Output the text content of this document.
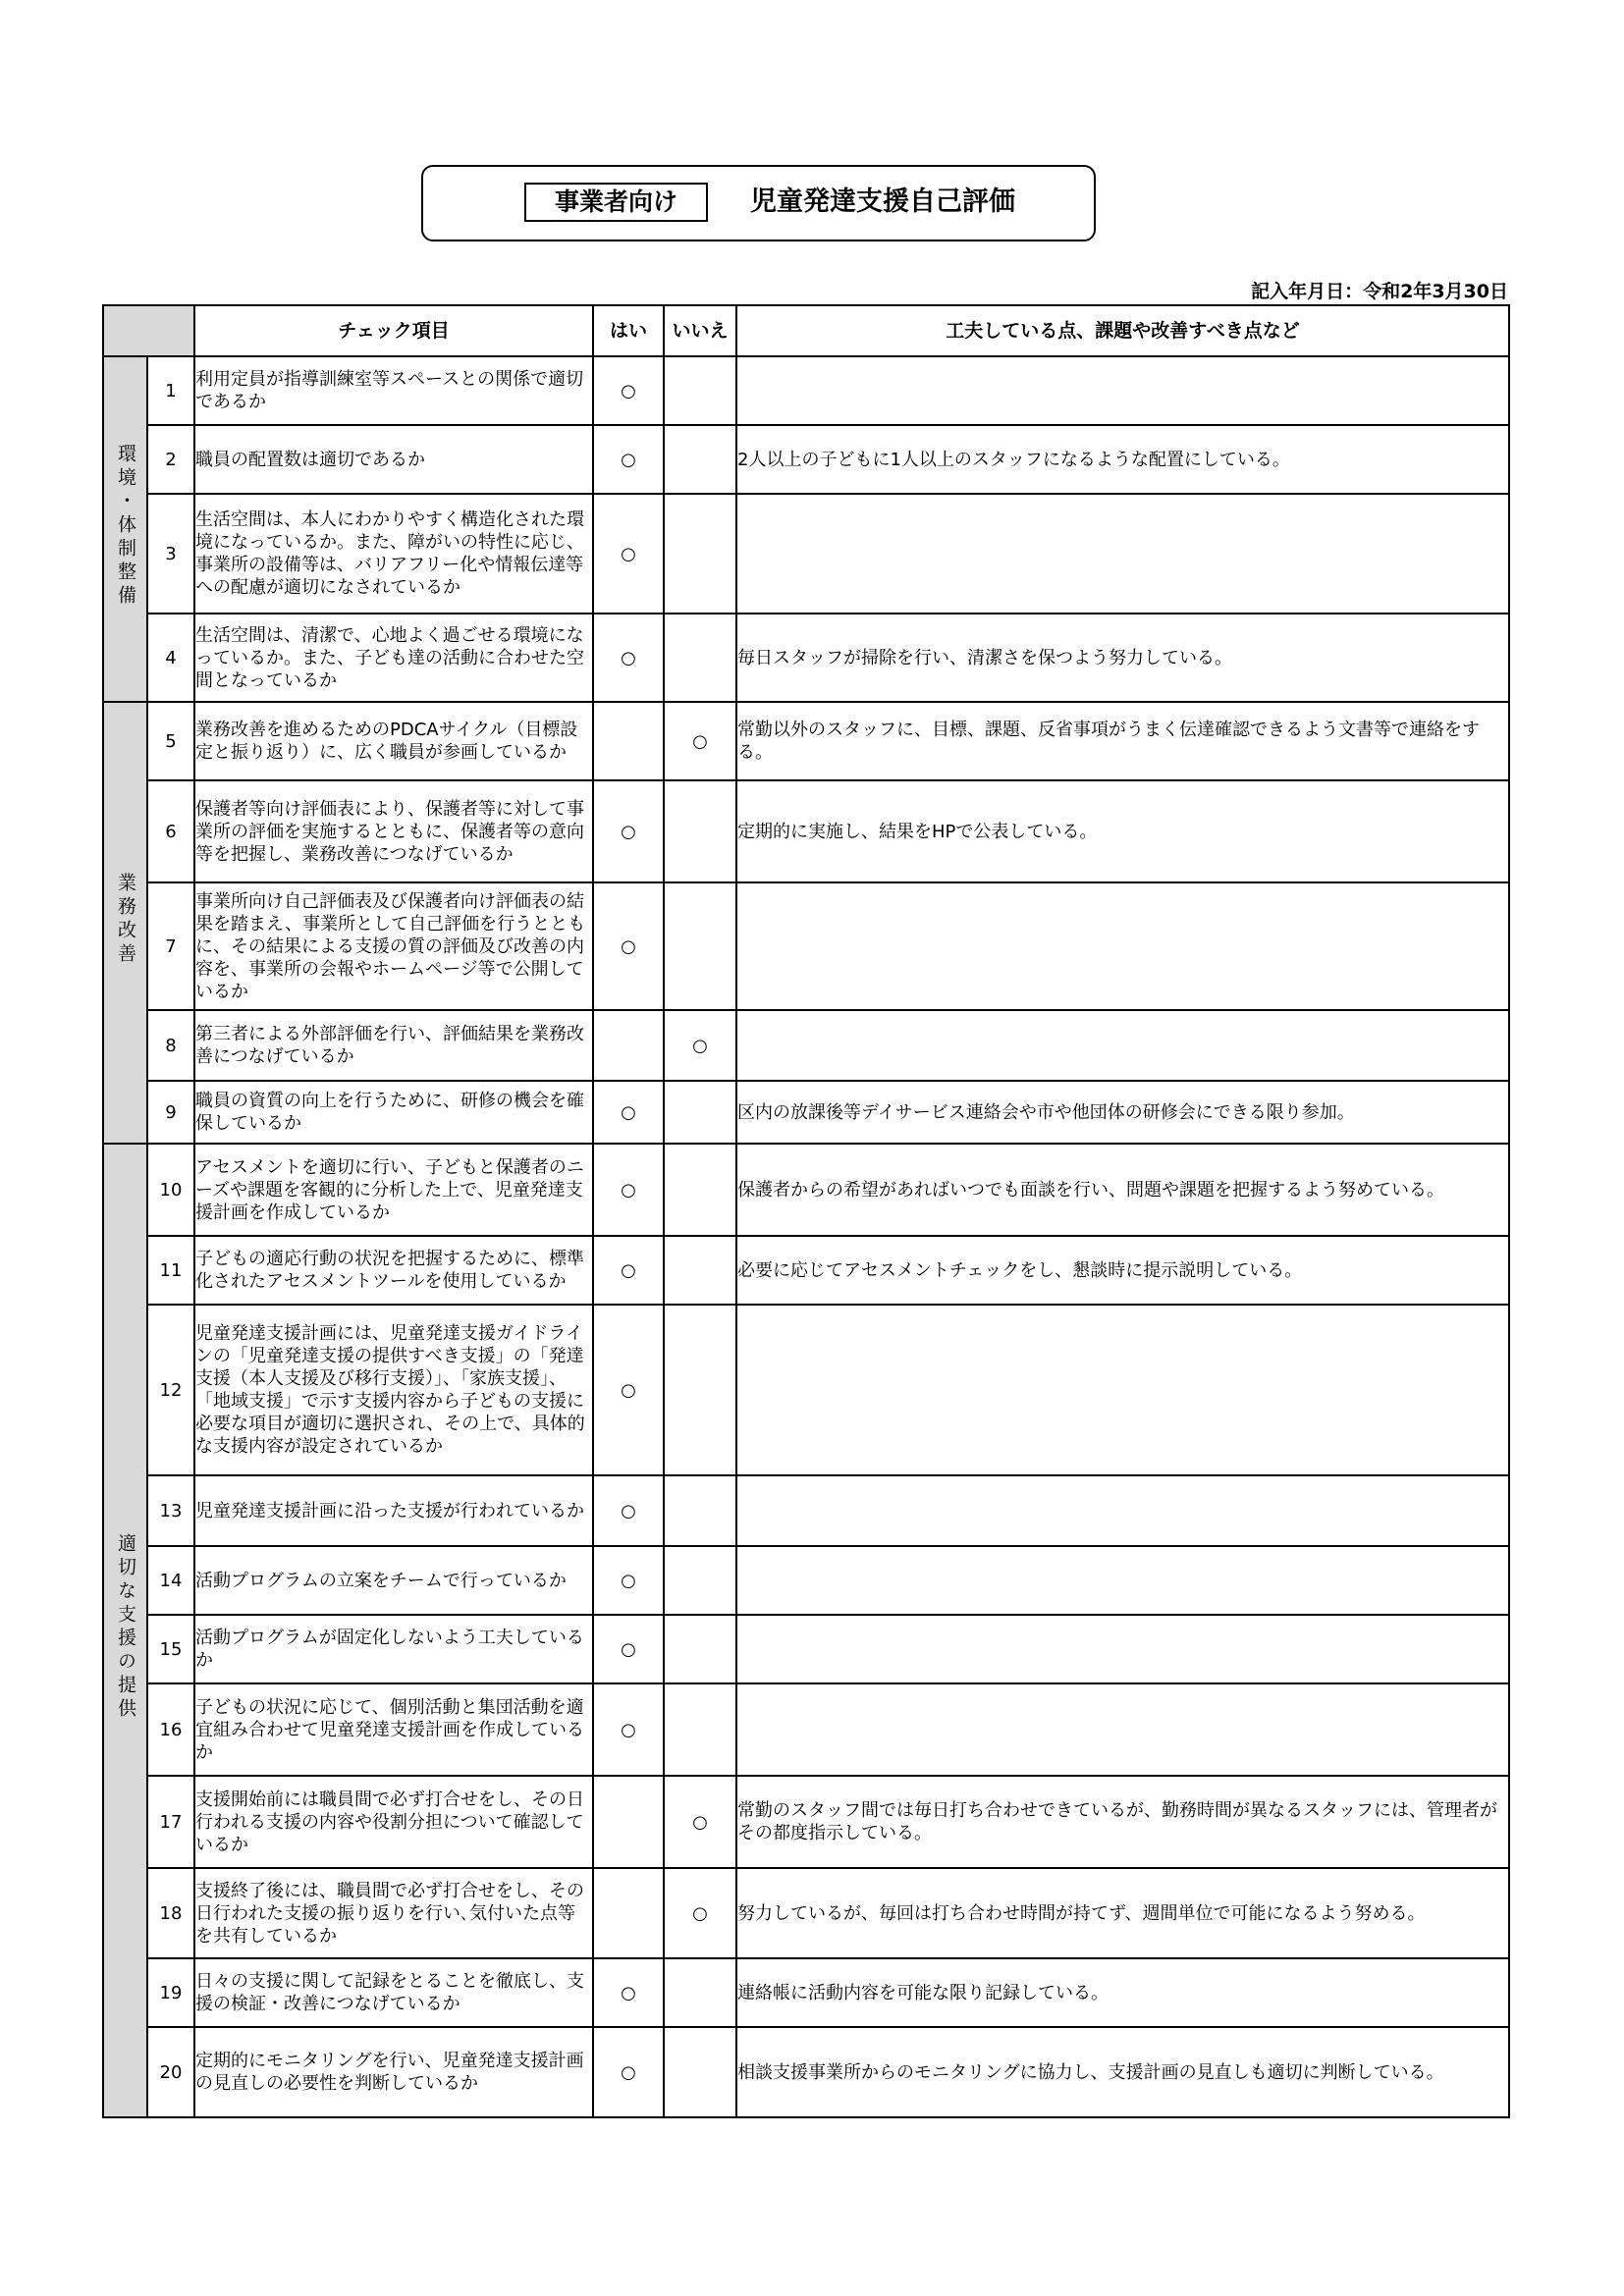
事業者向け	児童発達支援自己評価
記入年月日：令和2年3月30日
		チェック項目	はい	いいえ	工夫している点、課題や改善すべき点など
環境・体制整備	1	利用定員が指導訓練室等スペースとの関係で適切であるか	○		
	2	職員の配置数は適切であるか	○		2人以上の子どもに1人以上のスタッフになるような配置にしている。
	3	生活空間は、本人にわかりやすく構造化された環境になっているか。また、障がいの特性に応じ、事業所の設備等は、バリアフリー化や情報伝達等への配慮が適切になされているか	○		
	4	生活空間は、清潔で、心地よく過ごせる環境になっているか。また、子ども達の活動に合わせた空間となっているか	○		毎日スタッフが掃除を行い、清潔さを保つよう努力している。
業務改善	5	業務改善を進めるためのPDCAサイクル（目標設定と振り返り）に、広く職員が参画しているか		○	常勤以外のスタッフに、目標、課題、反省事項がうまく伝達確認できるよう文書等で連絡をする。
	6	保護者等向け評価表により、保護者等に対して事業所の評価を実施するとともに、保護者等の意向等を把握し、業務改善につなげているか	○		定期的に実施し、結果をHPで公表している。
	7	事業所向け自己評価表及び保護者向け評価表の結果を踏まえ、事業所として自己評価を行うとともに、その結果による支援の質の評価及び改善の内容を、事業所の会報やホームページ等で公開しているか	○		
	8	第三者による外部評価を行い、評価結果を業務改善につなげているか		○	
	9	職員の資質の向上を行うために、研修の機会を確保しているか	○		区内の放課後等デイサービス連絡会や市や他団体の研修会にできる限り参加。
適切な支援の提供	10	アセスメントを適切に行い、子どもと保護者のニーズや課題を客観的に分析した上で、児童発達支援計画を作成しているか	○		保護者からの希望があればいつでも面談を行い、問題や課題を把握するよう努めている。
	11	子どもの適応行動の状況を把握するために、標準化されたアセスメントツールを使用しているか	○		必要に応じてアセスメントチェックをし、懇談時に提示説明している。
	12	児童発達支援計画には、児童発達支援ガイドラインの「児童発達支援の提供すべき支援」の「発達支援（本人支援及び移行支援）」、「家族支援」、「地域支援」で示す支援内容から子どもの支援に必要な項目が適切に選択され、その上で、具体的な支援内容が設定されているか	○		
	13	児童発達支援計画に沿った支援が行われているか	○		
	14	活動プログラムの立案をチームで行っているか	○		
	15	活動プログラムが固定化しないよう工夫しているか	○		
	16	子どもの状況に応じて、個別活動と集団活動を適宜組み合わせて児童発達支援計画を作成しているか	○		
	17	支援開始前には職員間で必ず打合せをし、その日行われる支援の内容や役割分担について確認しているか		○	常勤のスタッフ間では毎日打ち合わせできているが、勤務時間が異なるスタッフには、管理者がその都度指示している。
	18	支援終了後には、職員間で必ず打合せをし、その日行われた支援の振り返りを行い､気付いた点等を共有しているか		○	努力しているが、毎回は打ち合わせ時間が持てず、週間単位で可能になるよう努める。
	19	日々の支援に関して記録をとることを徹底し、支援の検証・改善につなげているか	○		連絡帳に活動内容を可能な限り記録している。
	20	定期的にモニタリングを行い、児童発達支援計画の見直しの必要性を判断しているか	○		相談支援事業所からのモニタリングに協力し、支援計画の見直しも適切に判断している。
